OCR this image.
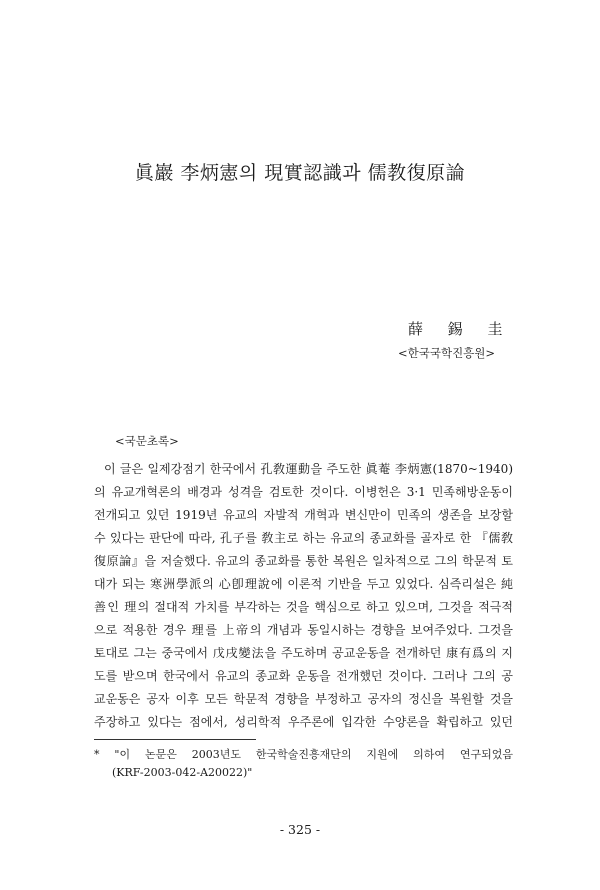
眞巖 李炳憲의 現實認識과 儒教復原論
薛 錫 圭
<한국국학진흥원>
<국문초록>
이 글은 일제강점기 한국에서 孔敎運動을 주도한 眞菴 李炳憲(1870~1940)
의 유교개혁론의 배경과 성격을 검토한 것이다. 이병헌은 3·1 민족해방운동이
전개되고 있던 1919년 유교의 자발적 개혁과 변신만이 민족의 생존을 보장할
수 있다는 판단에 따라, 孔子를 敎主로 하는 유교의 종교화를 골자로 한 『儒敎
復原論』을 저술했다. 유교의 종교화를 통한 복원은 일차적으로 그의 학문적 토
대가 되는 寒洲學派의 心卽理說에 이론적 기반을 두고 있었다. 심즉리설은 純
善인 理의 절대적 가치를 부각하는 것을 핵심으로 하고 있으며, 그것을 적극적
으로 적용한 경우 理를 上帝의 개념과 동일시하는 경향을 보여주었다. 그것을
토대로 그는 중국에서 戊戌變法을 주도하며 공교운동을 전개하던 康有爲의 지
도를 받으며 한국에서 유교의 종교화 운동을 전개했던 것이다. 그러나 그의 공
교운동은 공자 이후 모든 학문적 경향을 부정하고 공자의 정신을 복원할 것을
주장하고 있다는 점에서, 성리학적 우주론에 입각한 수양론을 확립하고 있던
* "이 논문은 2003년도 한국학술진흥재단의 지원에 의하여 연구되었음
(KRF-2003-042-A20022)"
- 325 -
